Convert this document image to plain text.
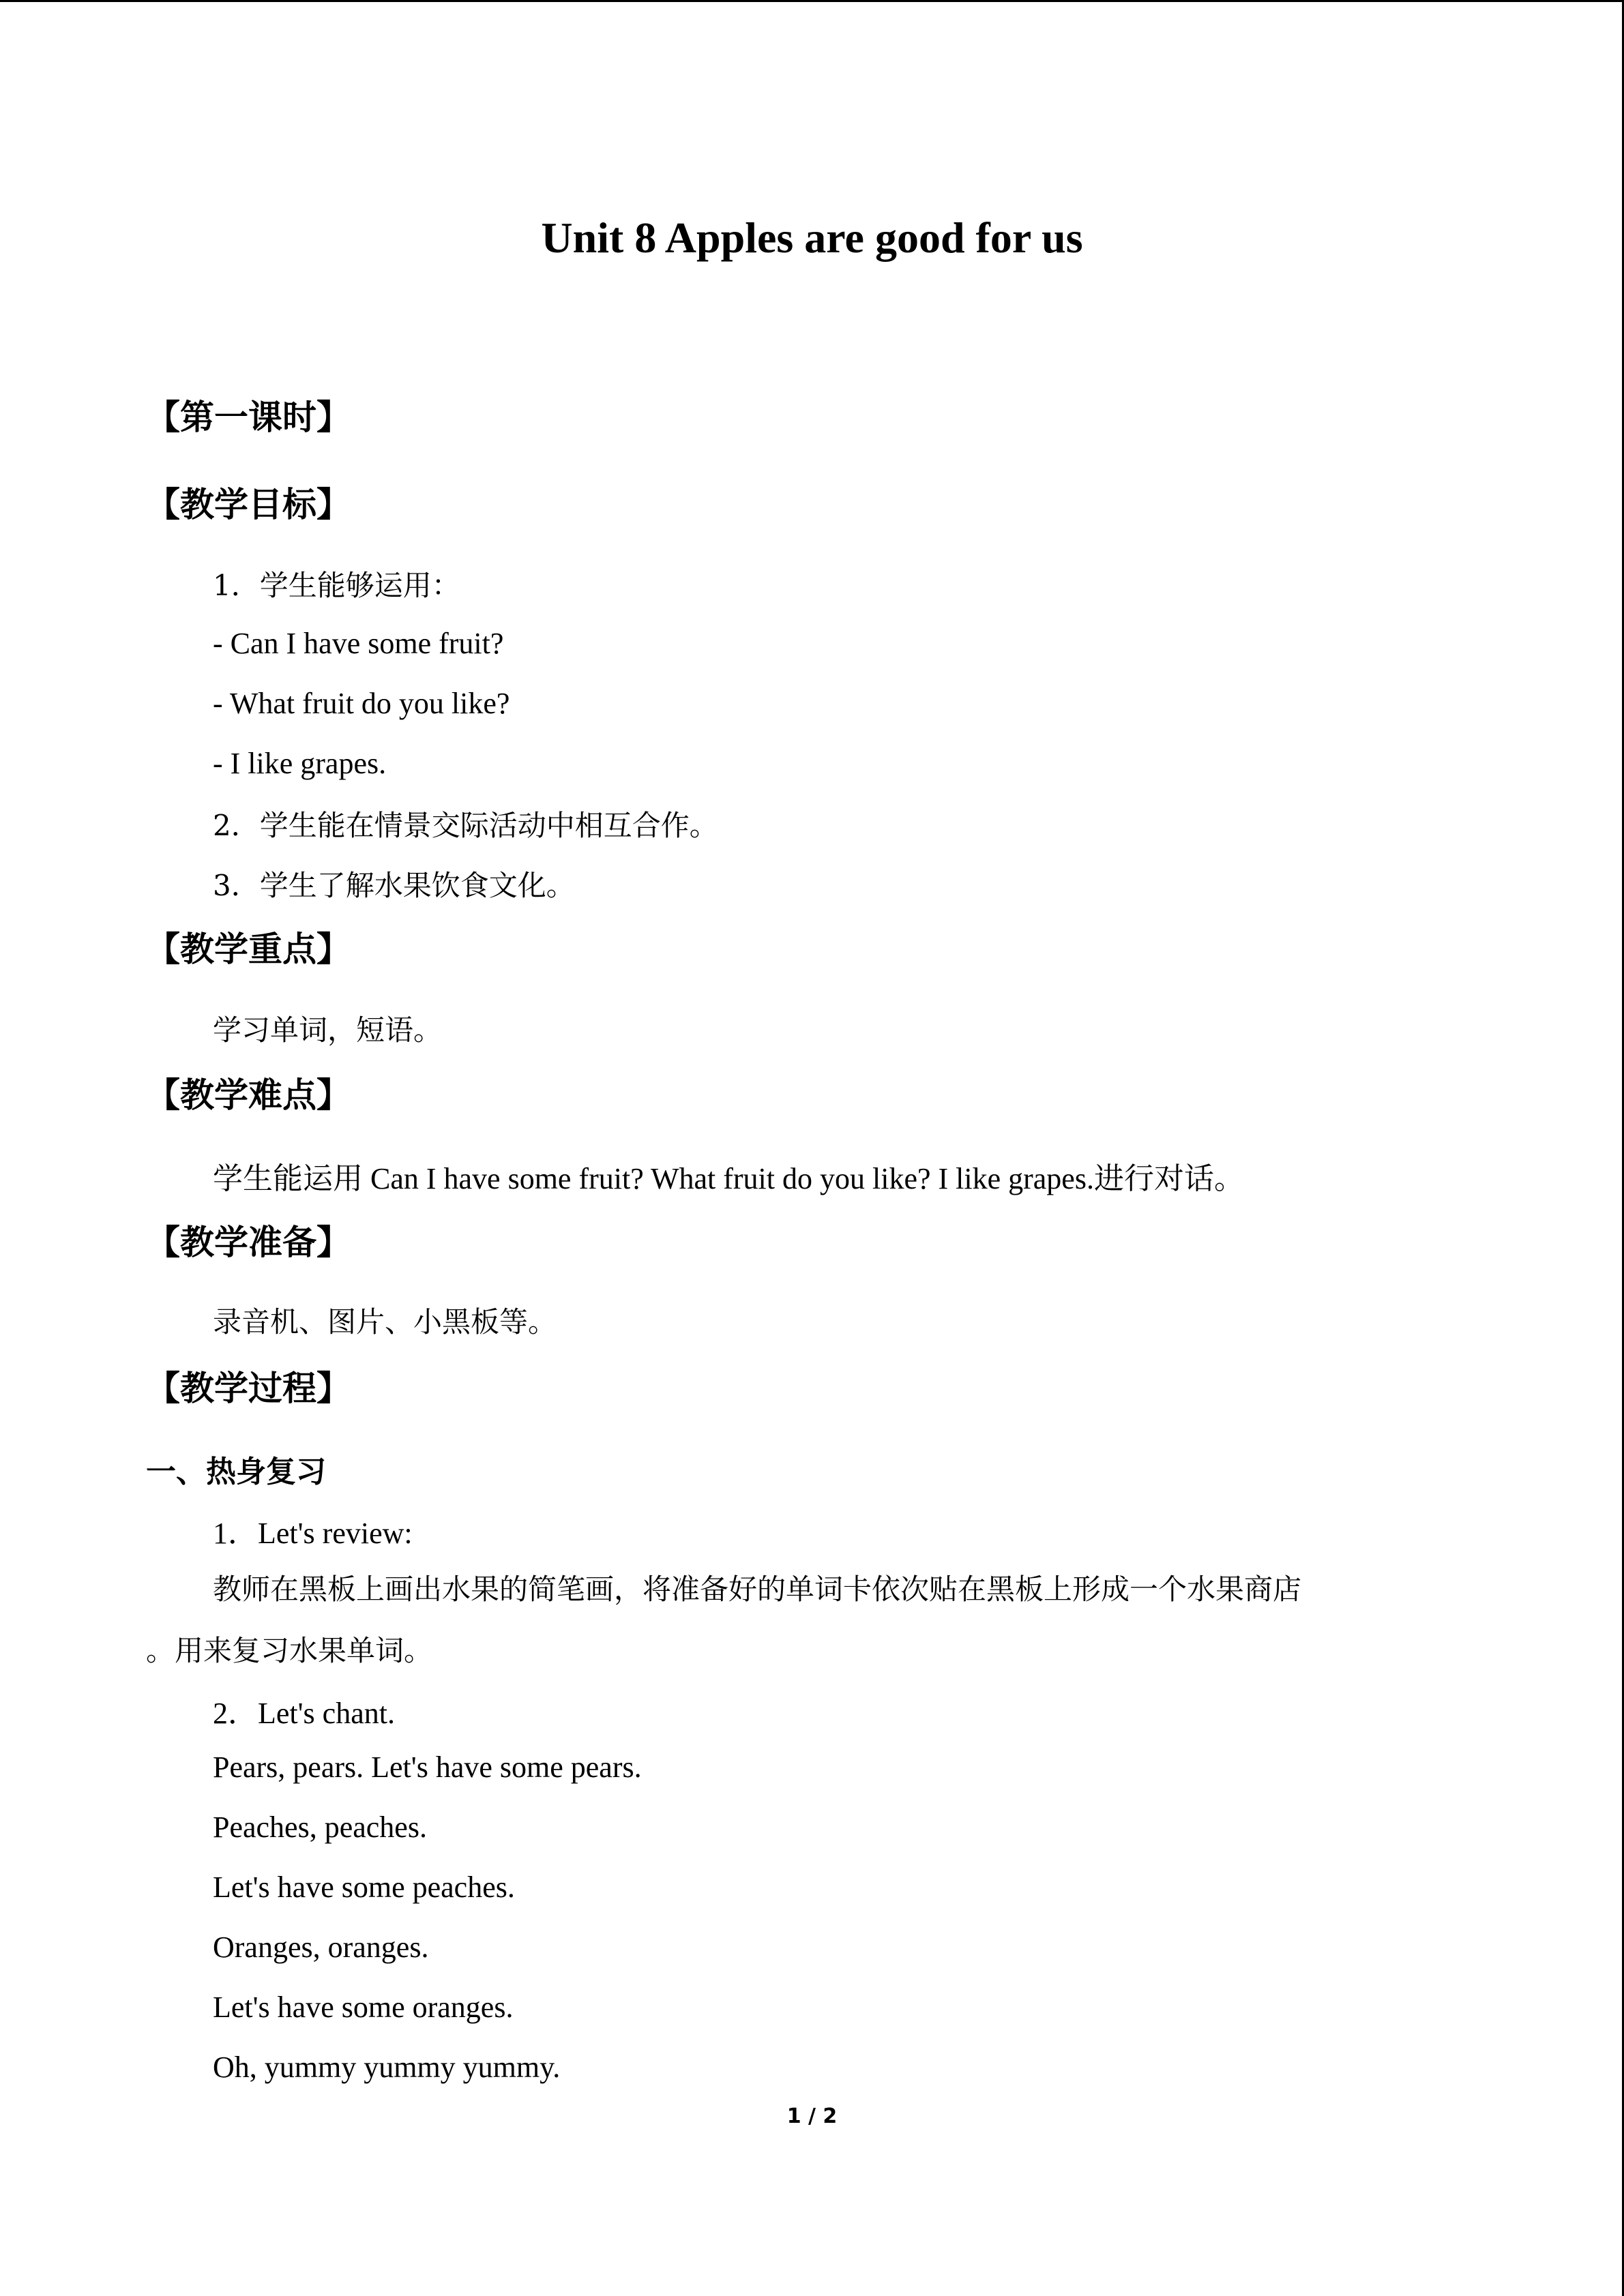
Unit 8 Apples are good for us
【第一课时】
【教学目标】
1．学生能够运用：
- Can I have some fruit?
- What fruit do you like?
- I like grapes.
2．学生能在情景交际活动中相互合作。
3．学生了解水果饮食文化。
【教学重点】
学习单词，短语。
【教学难点】
学生能运用 Can I have some fruit? What fruit do you like? I like grapes.进行对话。
【教学准备】
录音机、图片、小黑板等。
【教学过程】
一、热身复习
1．Let's review:
教师在黑板上画出水果的简笔画，将准备好的单词卡依次贴在黑板上形成一个水果商店
。用来复习水果单词。
2．Let's chant.
Pears, pears. Let's have some pears.
Peaches, peaches.
Let's have some peaches.
Oranges, oranges.
Let's have some oranges.
Oh, yummy yummy yummy.
1 / 2
